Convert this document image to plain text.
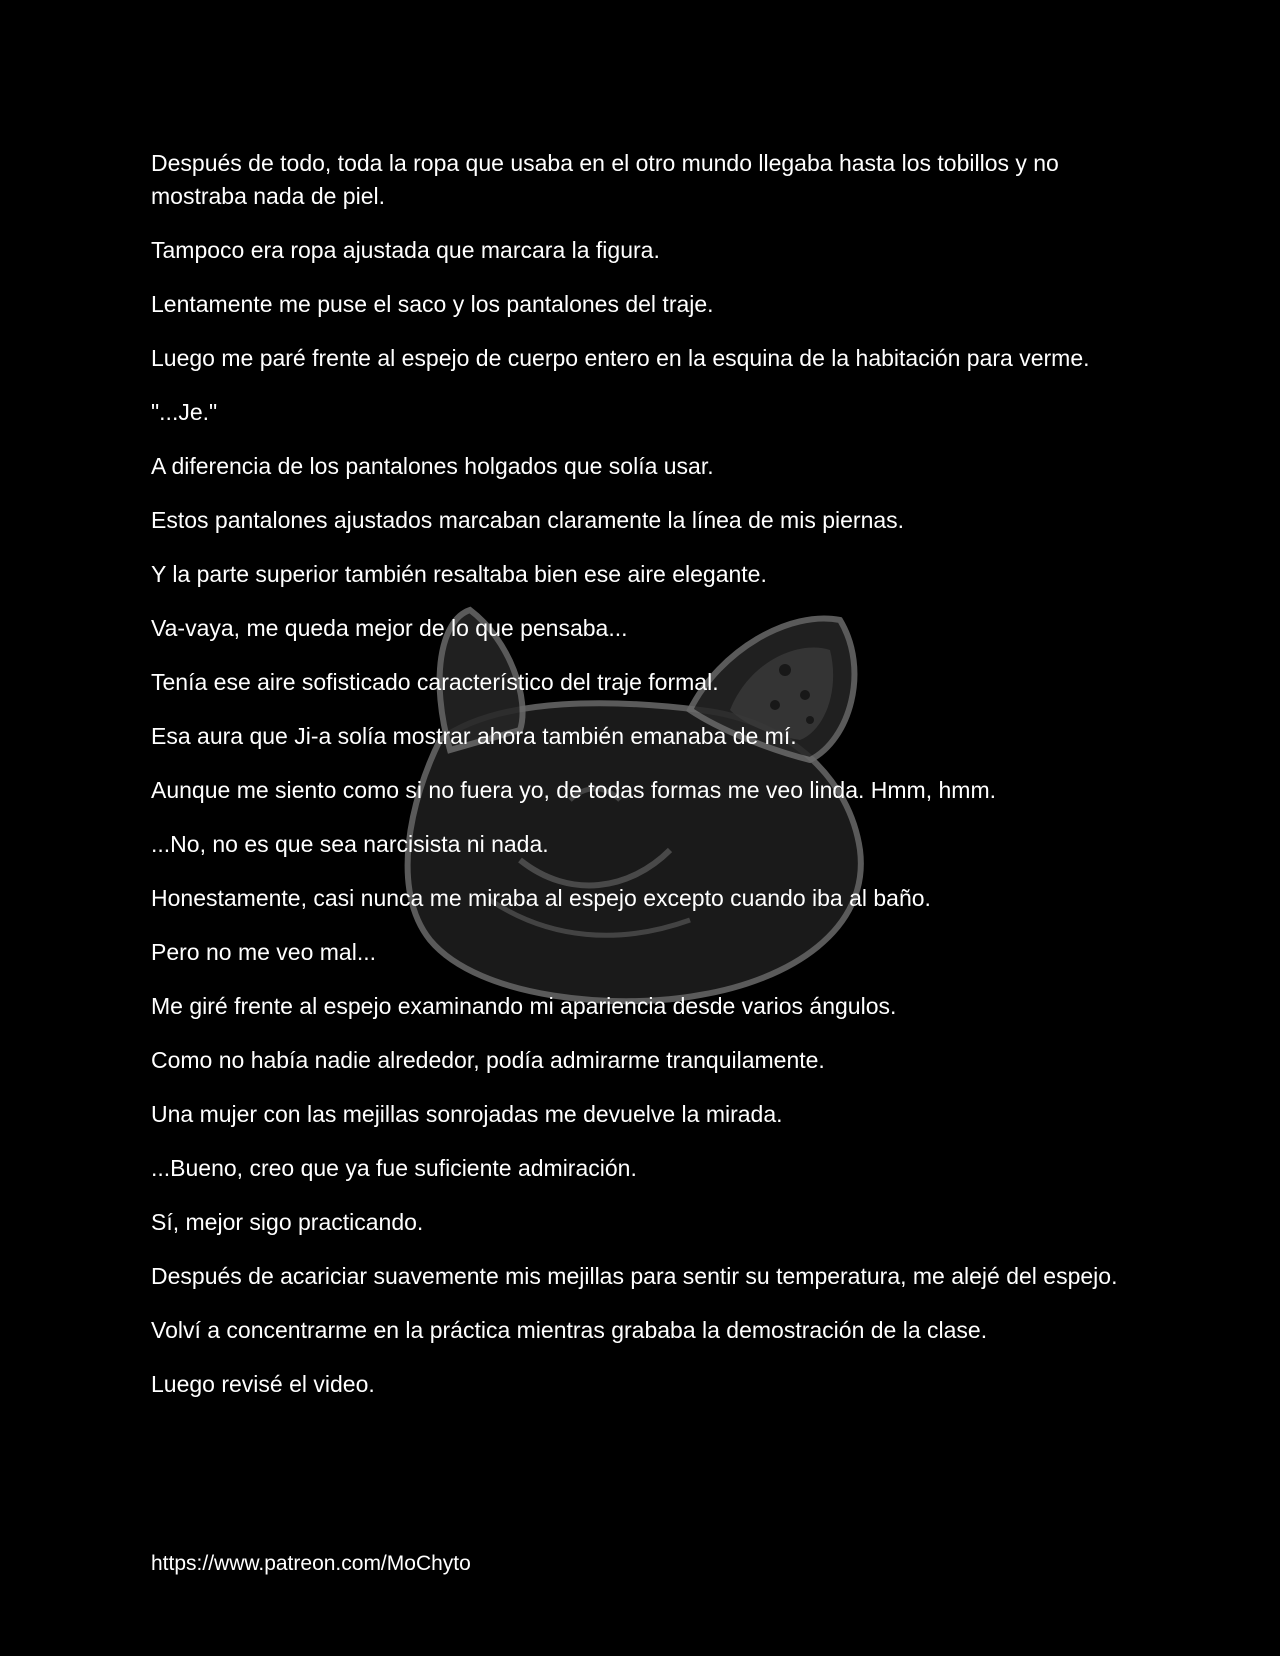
Después de todo, toda la ropa que usaba en el otro mundo llegaba hasta los tobillos y no mostraba nada de piel.

Tampoco era ropa ajustada que marcara la figura.

Lentamente me puse el saco y los pantalones del traje.

Luego me paré frente al espejo de cuerpo entero en la esquina de la habitación para verme.

"...Je."

A diferencia de los pantalones holgados que solía usar.

Estos pantalones ajustados marcaban claramente la línea de mis piernas.

Y la parte superior también resaltaba bien ese aire elegante.

Va-vaya, me queda mejor de lo que pensaba...

Tenía ese aire sofisticado característico del traje formal.

Esa aura que Ji-a solía mostrar ahora también emanaba de mí.

Aunque me siento como si no fuera yo, de todas formas me veo linda. Hmm, hmm.

...No, no es que sea narcisista ni nada.

Honestamente, casi nunca me miraba al espejo excepto cuando iba al baño.

Pero no me veo mal...

Me giré frente al espejo examinando mi apariencia desde varios ángulos.

Como no había nadie alrededor, podía admirarme tranquilamente.

Una mujer con las mejillas sonrojadas me devuelve la mirada.

...Bueno, creo que ya fue suficiente admiración.

Sí, mejor sigo practicando.

Después de acariciar suavemente mis mejillas para sentir su temperatura, me alejé del espejo.

Volví a concentrarme en la práctica mientras grababa la demostración de la clase.

Luego revisé el video.

https://www.patreon.com/MoChyto
